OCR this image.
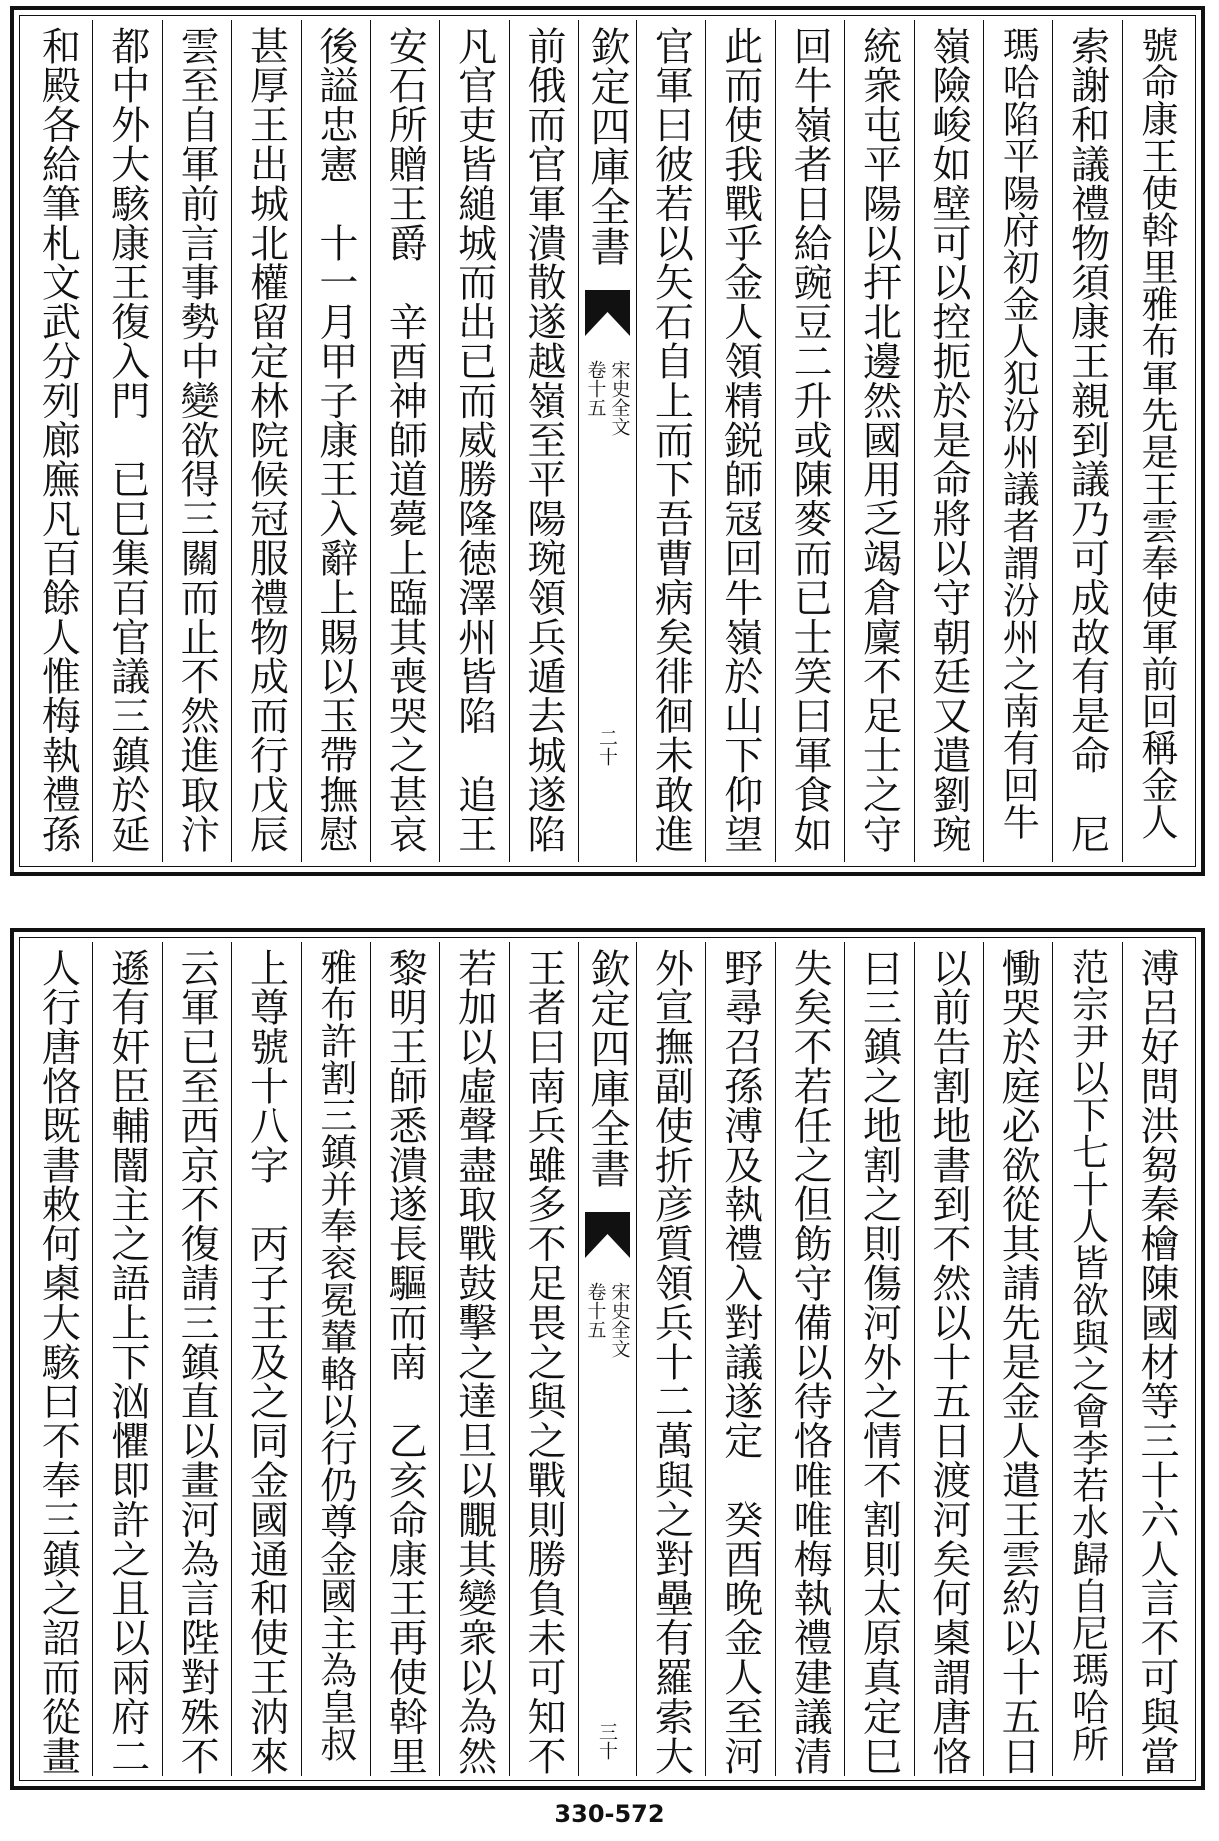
號命康王使斡里雅布軍先是王雲奉使軍前回稱金人
索謝和議禮物須康王親到議乃可成故有是命　尼
瑪哈陷平陽府初金人犯汾州議者謂汾州之南有回牛
嶺險峻如壁可以控扼於是命將以守朝廷又遣劉琬
統衆屯平陽以扞北邊然國用乏竭倉廩不足士之守
回牛嶺者日給豌豆二升或陳麥而已士笑曰軍食如
此而使我戰乎金人領精鋭師冦回牛嶺於山下仰望
官軍曰彼若以矢石自上而下吾曹病矣徘徊未敢進
欽定四庫全書
宋史全文
卷十五
二十
前俄而官軍潰散遂越嶺至平陽琬領兵遁去城遂陷
凡官吏皆縋城而出已而威勝隆徳澤州皆陷　追王
安石所贈王爵　辛酉神師道薨上臨其喪哭之甚哀
後謚忠憲　十一月甲子康王入辭上賜以玉帶撫慰
甚厚王出城北權留定林院候冠服禮物成而行戊辰
雲至自軍前言事勢中變欲得三關而止不然進取汴
都中外大駭康王復入門　已巳集百官議三鎮於延
和殿各給筆札文武分列廊廡凡百餘人惟梅執禮孫
溥呂好問洪芻秦檜陳國材等三十六人言不可與當
范宗尹以下七十人皆欲與之會李若水歸自尼瑪哈所
慟哭於庭必欲從其請先是金人遣王雲約以十五日
以前告割地書到不然以十五日渡河矣何㮚謂唐恪
曰三鎮之地割之則傷河外之情不割則太原真定巳
失矣不若任之但飭守備以待恪唯唯梅執禮建議清
野尋召孫溥及執禮入對議遂定　癸酉晚金人至河
外宣撫副使折彦質領兵十二萬與之對壘有羅索大
欽定四庫全書
宋史全文
卷十五
三十
王者曰南兵雖多不足畏之與之戰則勝負未可知不
若加以虛聲盡取戰鼓擊之達旦以覵其變衆以為然
黎明王師悉潰遂長驅而南　乙亥命康王再使斡里
雅布許割三鎮并奉衮冕輦輅以行仍尊金國主為皇叔
上尊號十八字　丙子王及之同金國通和使王汭來
云軍已至西京不復請三鎮直以畫河為言陛對殊不
遜有奸臣輔闇主之語上下汹懼即許之且以兩府二
人行唐恪既書敕何㮚大駭曰不奉三鎮之詔而從畫
330-572
